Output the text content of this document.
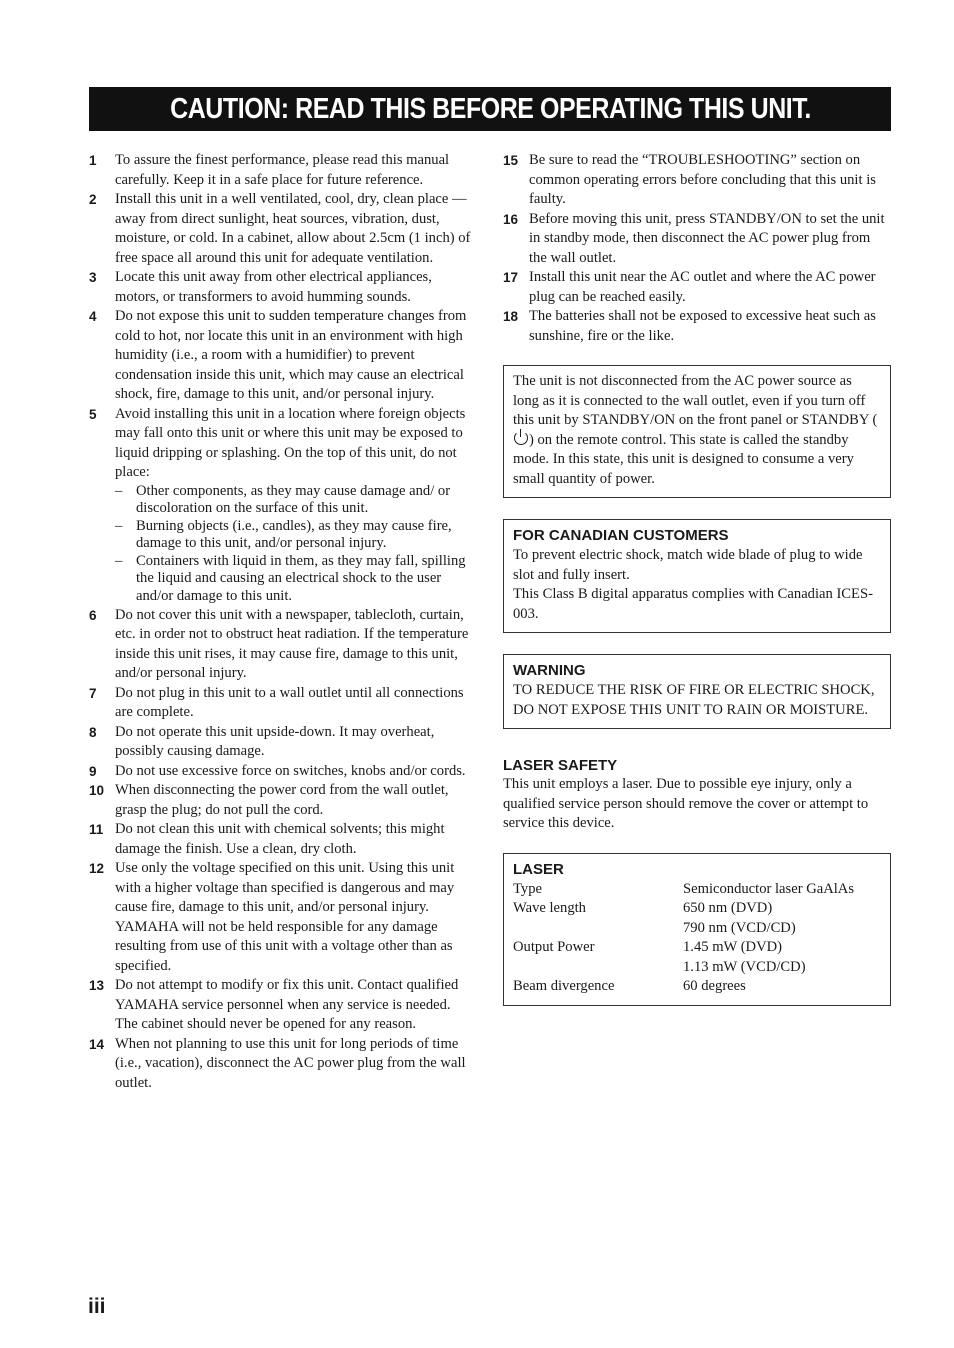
CAUTION: READ THIS BEFORE OPERATING THIS UNIT.
1	To assure the finest performance, please read this manual carefully. Keep it in a safe place for future reference.
2	Install this unit in a well ventilated, cool, dry, clean place — away from direct sunlight, heat sources, vibration, dust, moisture, or cold. In a cabinet, allow about 2.5cm (1 inch) of free space all around this unit for adequate ventilation.
3	Locate this unit away from other electrical appliances, motors, or transformers to avoid humming sounds.
4	Do not expose this unit to sudden temperature changes from cold to hot, nor locate this unit in an environment with high humidity (i.e., a room with a humidifier) to prevent condensation inside this unit, which may cause an electrical shock, fire, damage to this unit, and/or personal injury.
5	Avoid installing this unit in a location where foreign objects may fall onto this unit or where this unit may be exposed to liquid dripping or splashing. On the top of this unit, do not place:
– Other components, as they may cause damage and/ or discoloration on the surface of this unit.
– Burning objects (i.e., candles), as they may cause fire, damage to this unit, and/or personal injury.
– Containers with liquid in them, as they may fall, spilling the liquid and causing an electrical shock to the user and/or damage to this unit.
6	Do not cover this unit with a newspaper, tablecloth, curtain, etc. in order not to obstruct heat radiation. If the temperature inside this unit rises, it may cause fire, damage to this unit, and/or personal injury.
7	Do not plug in this unit to a wall outlet until all connections are complete.
8	Do not operate this unit upside-down. It may overheat, possibly causing damage.
9	Do not use excessive force on switches, knobs and/or cords.
10 When disconnecting the power cord from the wall outlet, grasp the plug; do not pull the cord.
11 Do not clean this unit with chemical solvents; this might damage the finish. Use a clean, dry cloth.
12 Use only the voltage specified on this unit. Using this unit with a higher voltage than specified is dangerous and may cause fire, damage to this unit, and/or personal injury. YAMAHA will not be held responsible for any damage resulting from use of this unit with a voltage other than as specified.
13 Do not attempt to modify or fix this unit. Contact qualified YAMAHA service personnel when any service is needed. The cabinet should never be opened for any reason.
14 When not planning to use this unit for long periods of time (i.e., vacation), disconnect the AC power plug from the wall outlet.
15 Be sure to read the “TROUBLESHOOTING” section on common operating errors before concluding that this unit is faulty.
16 Before moving this unit, press STANDBY/ON to set the unit in standby mode, then disconnect the AC power plug from the wall outlet.
17 Install this unit near the AC outlet and where the AC power plug can be reached easily.
18 The batteries shall not be exposed to excessive heat such as sunshine, fire or the like.
The unit is not disconnected from the AC power source as long as it is connected to the wall outlet, even if you turn off this unit by STANDBY/ON on the front panel or STANDBY () on the remote control. This state is called the standby mode. In this state, this unit is designed to consume a very small quantity of power.
FOR CANADIAN CUSTOMERS
To prevent electric shock, match wide blade of plug to wide slot and fully insert.
This Class B digital apparatus complies with Canadian ICES-003.
WARNING
TO REDUCE THE RISK OF FIRE OR ELECTRIC SHOCK, DO NOT EXPOSE THIS UNIT TO RAIN OR MOISTURE.
LASER SAFETY
This unit employs a laser. Due to possible eye injury, only a qualified service person should remove the cover or attempt to service this device.
LASER
Type	Semiconductor laser GaAlAs
Wave length	650 nm (DVD)
790 nm (VCD/CD)
Output Power	1.45 mW (DVD)
1.13 mW (VCD/CD)
Beam divergence	60 degrees
iii
